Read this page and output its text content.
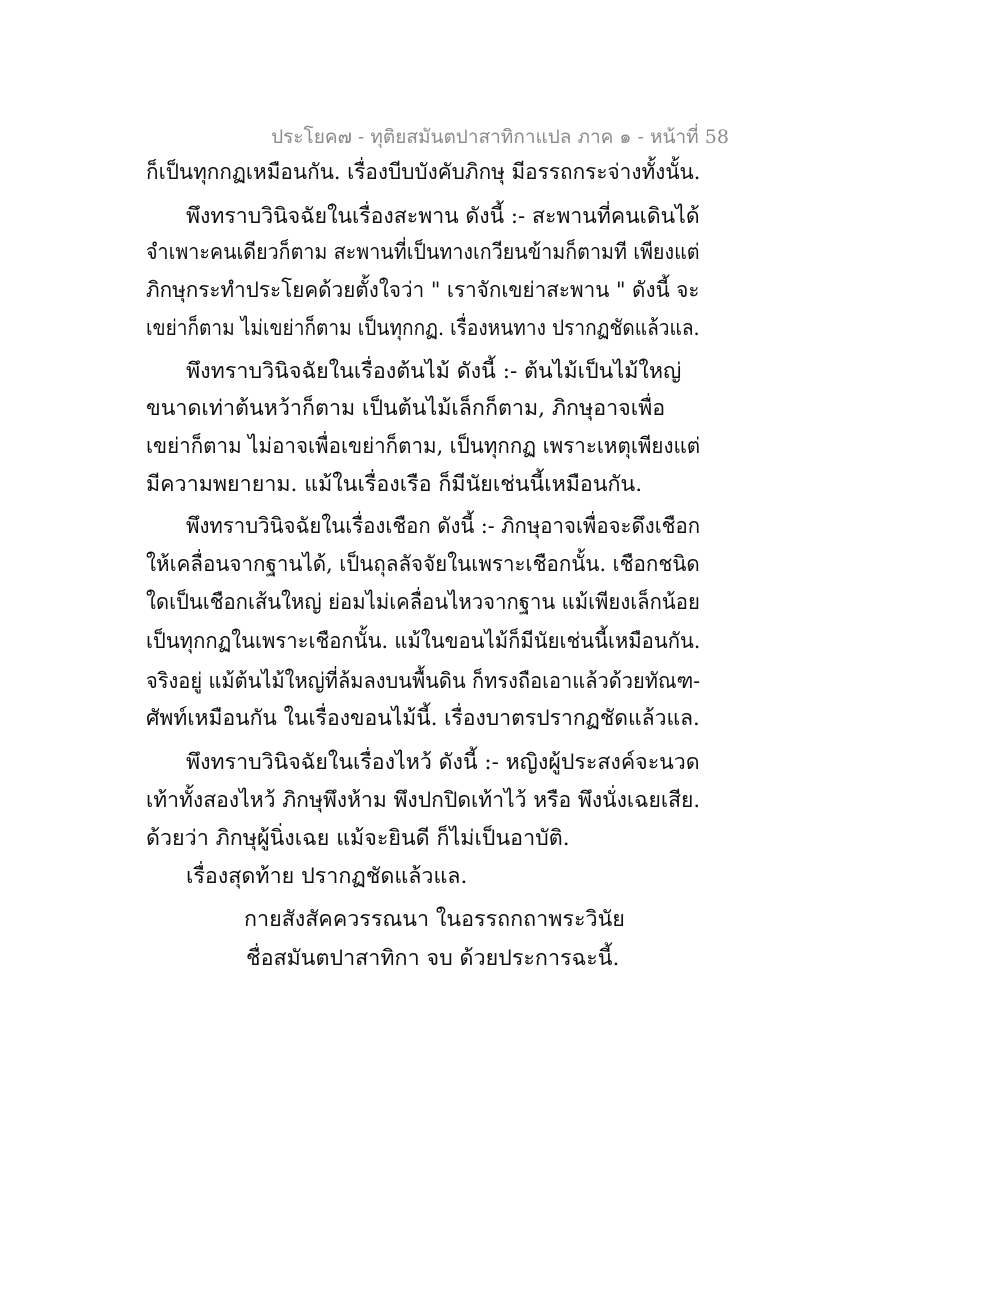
ประโยค๗ - ทุติยสมันตปาสาทิกาแปล ภาค ๑ - หน้าที่ 58
ก็เป็นทุกกฏเหมือนกัน. เรื่องบีบบังคับภิกษุ มีอรรถกระจ่างทั้งนั้น.
พึงทราบวินิจฉัยในเรื่องสะพาน ดังนี้ :- สะพานที่คนเดินได้
จำเพาะคนเดียวก็ตาม สะพานที่เป็นทางเกวียนข้ามก็ตามที เพียงแต่
ภิกษุกระทำประโยคด้วยตั้งใจว่า " เราจักเขย่าสะพาน " ดังนี้ จะ
เขย่าก็ตาม ไม่เขย่าก็ตาม เป็นทุกกฏ. เรื่องหนทาง ปรากฏชัดแล้วแล.
พึงทราบวินิจฉัยในเรื่องต้นไม้ ดังนี้ :- ต้นไม้เป็นไม้ใหญ่
ขนาดเท่าต้นหว้าก็ตาม เป็นต้นไม้เล็กก็ตาม, ภิกษุอาจเพื่อ
เขย่าก็ตาม ไม่อาจเพื่อเขย่าก็ตาม, เป็นทุกกฏ เพราะเหตุเพียงแต่
มีความพยายาม. แม้ในเรื่องเรือ ก็มีนัยเช่นนี้เหมือนกัน.
พึงทราบวินิจฉัยในเรื่องเชือก ดังนี้ :- ภิกษุอาจเพื่อจะดึงเชือก
ให้เคลื่อนจากฐานได้, เป็นถุลลัจจัยในเพราะเชือกนั้น. เชือกชนิด
ใดเป็นเชือกเส้นใหญ่ ย่อมไม่เคลื่อนไหวจากฐาน แม้เพียงเล็กน้อย
เป็นทุกกฏในเพราะเชือกนั้น. แม้ในขอนไม้ก็มีนัยเช่นนี้เหมือนกัน.
จริงอยู่ แม้ต้นไม้ใหญ่ที่ล้มลงบนพื้นดิน ก็ทรงถือเอาแล้วด้วยทัณฑ-
ศัพท์เหมือนกัน ในเรื่องขอนไม้นี้. เรื่องบาตรปรากฏชัดแล้วแล.
พึงทราบวินิจฉัยในเรื่องไหว้ ดังนี้ :- หญิงผู้ประสงค์จะนวด
เท้าทั้งสองไหว้ ภิกษุพึงห้าม พึงปกปิดเท้าไว้ หรือ พึงนั่งเฉยเสีย.
ด้วยว่า ภิกษุผู้นิ่งเฉย แม้จะยินดี ก็ไม่เป็นอาบัติ.
เรื่องสุดท้าย ปรากฏชัดแล้วแล.
กายสังสัคควรรณนา ในอรรถกถาพระวินัย
ชื่อสมันตปาสาทิกา จบ ด้วยประการฉะนี้.
